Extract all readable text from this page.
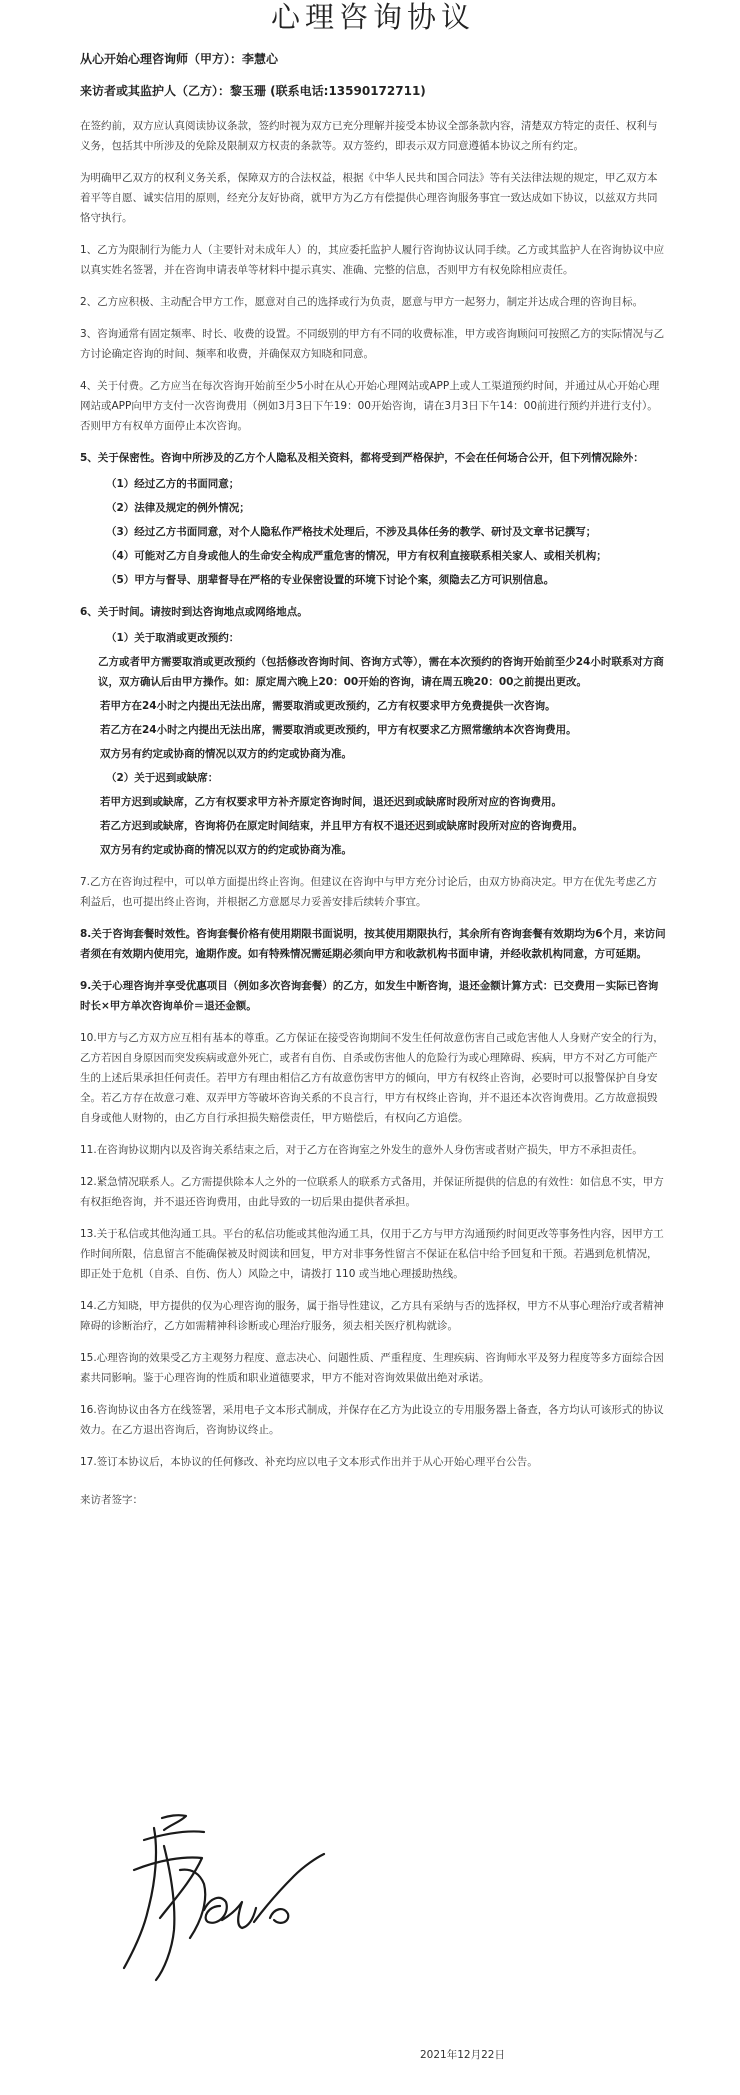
心理咨询协议
从心开始心理咨询师（甲方）：李慧心
来访者或其监护人（乙方）：黎玉珊 (联系电话:13590172711)

在签约前，双方应认真阅读协议条款，签约时视为双方已充分理解并接受本协议全部条款内容，清楚双方特定的责任、权利与义务，包括其中所涉及的免除及限制双方权责的条款等。双方签约，即表示双方同意遵循本协议之所有约定。

为明确甲乙双方的权利义务关系，保障双方的合法权益，根据《中华人民共和国合同法》等有关法律法规的规定，甲乙双方本着平等自愿、诚实信用的原则，经充分友好协商，就甲方为乙方有偿提供心理咨询服务事宜一致达成如下协议，以兹双方共同恪守执行。

1、乙方为限制行为能力人（主要针对未成年人）的，其应委托监护人履行咨询协议认同手续。乙方或其监护人在咨询协议中应以真实姓名签署，并在咨询申请表单等材料中提示真实、准确、完整的信息，否则甲方有权免除相应责任。

2、乙方应积极、主动配合甲方工作，愿意对自己的选择或行为负责，愿意与甲方一起努力，制定并达成合理的咨询目标。

3、咨询通常有固定频率、时长、收费的设置。不同级别的甲方有不同的收费标准，甲方或咨询顾问可按照乙方的实际情况与乙方讨论确定咨询的时间、频率和收费，并确保双方知晓和同意。

4、关于付费。乙方应当在每次咨询开始前至少5小时在从心开始心理网站或APP上或人工渠道预约时间，并通过从心开始心理网站或APP向甲方支付一次咨询费用（例如3月3日下午19：00开始咨询，请在3月3日下午14：00前进行预约并进行支付）。否则甲方有权单方面停止本次咨询。

5、关于保密性。咨询中所涉及的乙方个人隐私及相关资料，都将受到严格保护，不会在任何场合公开，但下列情况除外：

（1）经过乙方的书面同意；
（2）法律及规定的例外情况；
（3）经过乙方书面同意，对个人隐私作严格技术处理后，不涉及具体任务的教学、研讨及文章书记撰写；
（4）可能对乙方自身或他人的生命安全构成严重危害的情况，甲方有权利直接联系相关家人、或相关机构；
（5）甲方与督导、朋辈督导在严格的专业保密设置的环境下讨论个案，须隐去乙方可识别信息。

6、关于时间。请按时到达咨询地点或网络地点。

（1）关于取消或更改预约：
乙方或者甲方需要取消或更改预约（包括修改咨询时间、咨询方式等），需在本次预约的咨询开始前至少24小时联系对方商议，双方确认后由甲方操作。如：原定周六晚上20：00开始的咨询，请在周五晚20：00之前提出更改。
若甲方在24小时之内提出无法出席，需要取消或更改预约，乙方有权要求甲方免费提供一次咨询。
若乙方在24小时之内提出无法出席，需要取消或更改预约，甲方有权要求乙方照常缴纳本次咨询费用。
双方另有约定或协商的情况以双方的约定或协商为准。
（2）关于迟到或缺席：
若甲方迟到或缺席，乙方有权要求甲方补齐原定咨询时间，退还迟到或缺席时段所对应的咨询费用。
若乙方迟到或缺席，咨询将仍在原定时间结束，并且甲方有权不退还迟到或缺席时段所对应的咨询费用。
双方另有约定或协商的情况以双方的约定或协商为准。

7.乙方在咨询过程中，可以单方面提出终止咨询。但建议在咨询中与甲方充分讨论后，由双方协商决定。甲方在优先考虑乙方利益后，也可提出终止咨询，并根据乙方意愿尽力妥善安排后续转介事宜。

8.关于咨询套餐时效性。咨询套餐价格有使用期限书面说明，按其使用期限执行，其余所有咨询套餐有效期均为6个月，来访问者须在有效期内使用完，逾期作废。如有特殊情况需延期必须向甲方和收款机构书面申请，并经收款机构同意，方可延期。

9.关于心理咨询并享受优惠项目（例如多次咨询套餐）的乙方，如发生中断咨询，退还金额计算方式：已交费用－实际已咨询时长×甲方单次咨询单价＝退还金额。

10.甲方与乙方双方应互相有基本的尊重。乙方保证在接受咨询期间不发生任何故意伤害自己或危害他人人身财产安全的行为，乙方若因自身原因而突发疾病或意外死亡，或者有自伤、自杀或伤害他人的危险行为或心理障碍、疾病，甲方不对乙方可能产生的上述后果承担任何责任。若甲方有理由相信乙方有故意伤害甲方的倾向，甲方有权终止咨询，必要时可以报警保护自身安全。若乙方存在故意刁难、双弄甲方等破坏咨询关系的不良言行，甲方有权终止咨询，并不退还本次咨询费用。乙方故意损毁自身或他人财物的，由乙方自行承担损失赔偿责任，甲方赔偿后，有权向乙方追偿。

11.在咨询协议期内以及咨询关系结束之后，对于乙方在咨询室之外发生的意外人身伤害或者财产损失，甲方不承担责任。

12.紧急情况联系人。乙方需提供除本人之外的一位联系人的联系方式备用，并保证所提供的信息的有效性：如信息不实，甲方有权拒绝咨询，并不退还咨询费用，由此导致的一切后果由提供者承担。

13.关于私信或其他沟通工具。平台的私信功能或其他沟通工具，仅用于乙方与甲方沟通预约时间更改等事务性内容，因甲方工作时间所限，信息留言不能确保被及时阅读和回复，甲方对非事务性留言不保证在私信中给予回复和干预。若遇到危机情况，即正处于危机（自杀、自伤、伤人）风险之中，请拨打 110 或当地心理援助热线。

14.乙方知晓，甲方提供的仅为心理咨询的服务，属于指导性建议，乙方具有采纳与否的选择权，甲方不从事心理治疗或者精神障碍的诊断治疗，乙方如需精神科诊断或心理治疗服务，须去相关医疗机构就诊。

15.心理咨询的效果受乙方主观努力程度、意志决心、问题性质、严重程度、生理疾病、咨询师水平及努力程度等多方面综合因素共同影响。鉴于心理咨询的性质和职业道德要求，甲方不能对咨询效果做出绝对承诺。

16.咨询协议由各方在线签署，采用电子文本形式制成，并保存在乙方为此设立的专用服务器上备查，各方均认可该形式的协议效力。在乙方退出咨询后，咨询协议终止。

17.签订本协议后，本协议的任何修改、补充均应以电子文本形式作出并于从心开始心理平台公告。

来访者签字：

2021年12月22日
